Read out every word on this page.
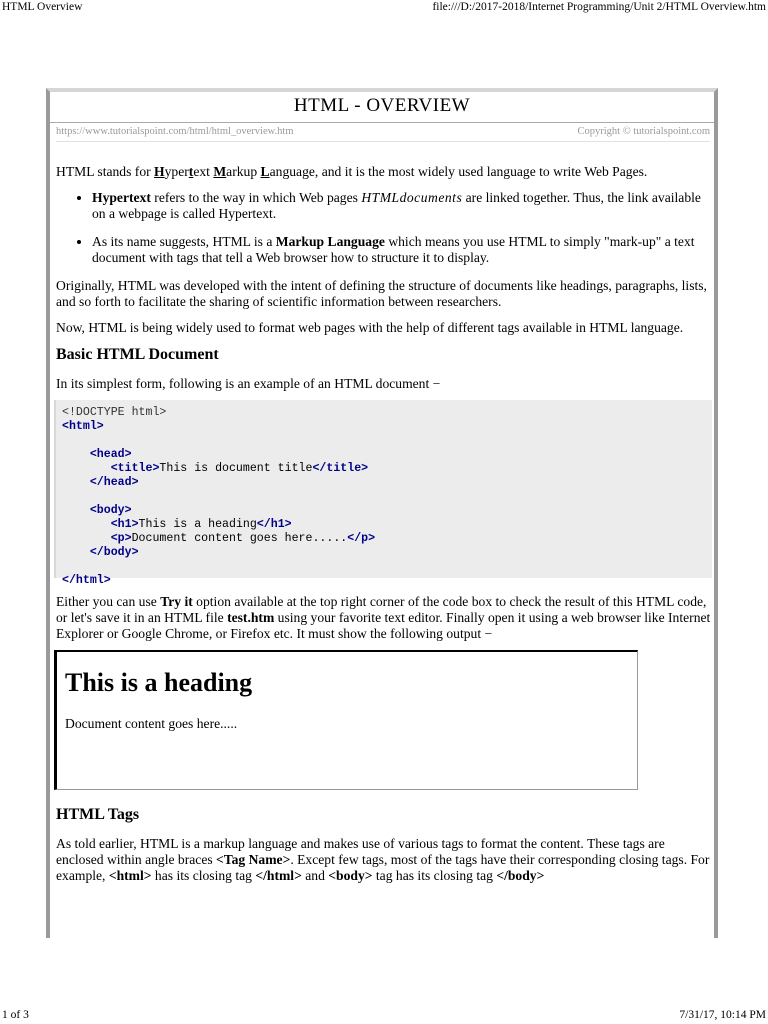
HTML Overview	file:///D:/2017-2018/Internet Programming/Unit 2/HTML Overview.htm
HTML - OVERVIEW
https://www.tutorialspoint.com/html/html_overview.htm	Copyright © tutorialspoint.com

HTML stands for Hypertext Markup Language, and it is the most widely used language to write Web Pages.

• Hypertext refers to the way in which Web pages HTMLdocuments are linked together. Thus, the link available on a webpage is called Hypertext.
• As its name suggests, HTML is a Markup Language which means you use HTML to simply "mark-up" a text document with tags that tell a Web browser how to structure it to display.

Originally, HTML was developed with the intent of defining the structure of documents like headings, paragraphs, lists, and so forth to facilitate the sharing of scientific information between researchers.

Now, HTML is being widely used to format web pages with the help of different tags available in HTML language.

Basic HTML Document

In its simplest form, following is an example of an HTML document −

<!DOCTYPE html>
<html>

<head>
<title>This is document title</title>
</head>

<body>
<h1>This is a heading</h1>
<p>Document content goes here.....</p>
</body>

</html>

Either you can use Try it option available at the top right corner of the code box to check the result of this HTML code, or let's save it in an HTML file test.htm using your favorite text editor. Finally open it using a web browser like Internet Explorer or Google Chrome, or Firefox etc. It must show the following output −

This is a heading
Document content goes here.....
HTML Tags

As told earlier, HTML is a markup language and makes use of various tags to format the content. These tags are enclosed within angle braces <Tag Name>. Except few tags, most of the tags have their corresponding closing tags. For example, <html> has its closing tag </html> and <body> tag has its closing tag </body>

1 of 3	7/31/17, 10:14 PM
